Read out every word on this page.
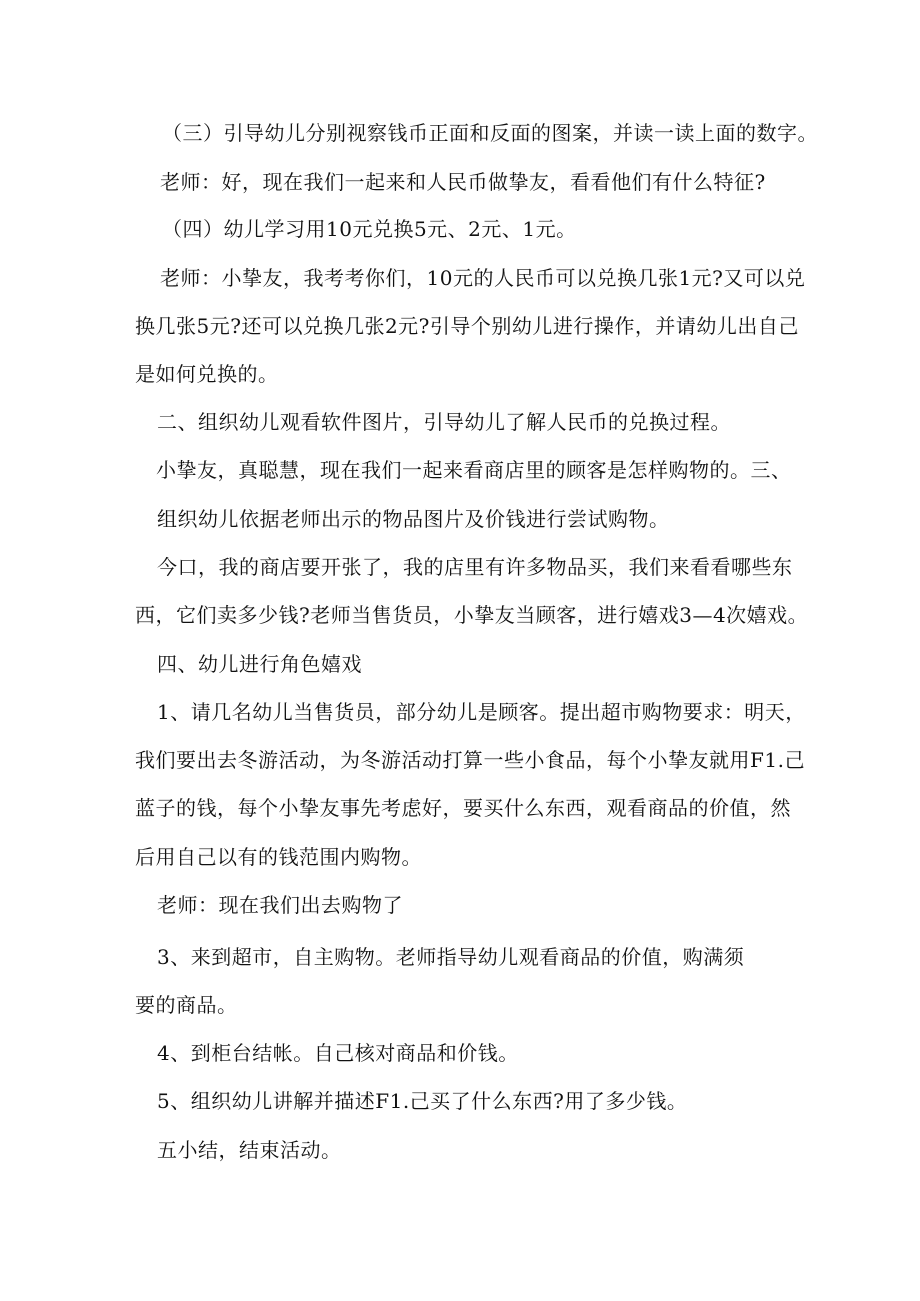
（三）引导幼儿分别视察钱币正面和反面的图案，并读一读上面的数字。
老师：好，现在我们一起来和人民币做挚友，看看他们有什么特征?
（四）幼儿学习用10元兑换5元、2元、1元。
老师：小挚友，我考考你们，10元的人民币可以兑换几张1元?又可以兑
换几张5元?还可以兑换几张2元?引导个别幼儿进行操作，并请幼儿出自己
是如何兑换的。
二、组织幼儿观看软件图片，引导幼儿了解人民币的兑换过程。
小挚友，真聪慧，现在我们一起来看商店里的顾客是怎样购物的。三、
组织幼儿依据老师出示的物品图片及价钱进行尝试购物。
今口，我的商店要开张了，我的店里有许多物品买，我们来看看哪些东
西，它们卖多少钱?老师当售货员，小挚友当顾客，进行嬉戏3—4次嬉戏。
四、幼儿进行角色嬉戏
1、请几名幼儿当售货员，部分幼儿是顾客。提出超市购物要求：明天，
我们要出去冬游活动，为冬游活动打算一些小食品，每个小挚友就用F1.己
蓝子的钱，每个小挚友事先考虑好，要买什么东西，观看商品的价值，然
后用自己以有的钱范围内购物。
老师：现在我们出去购物了
3、来到超市，自主购物。老师指导幼儿观看商品的价值，购满须
要的商品。
4、到柜台结帐。自己核对商品和价钱。
5、组织幼儿讲解并描述F1.己买了什么东西?用了多少钱。
五小结，结束活动。
